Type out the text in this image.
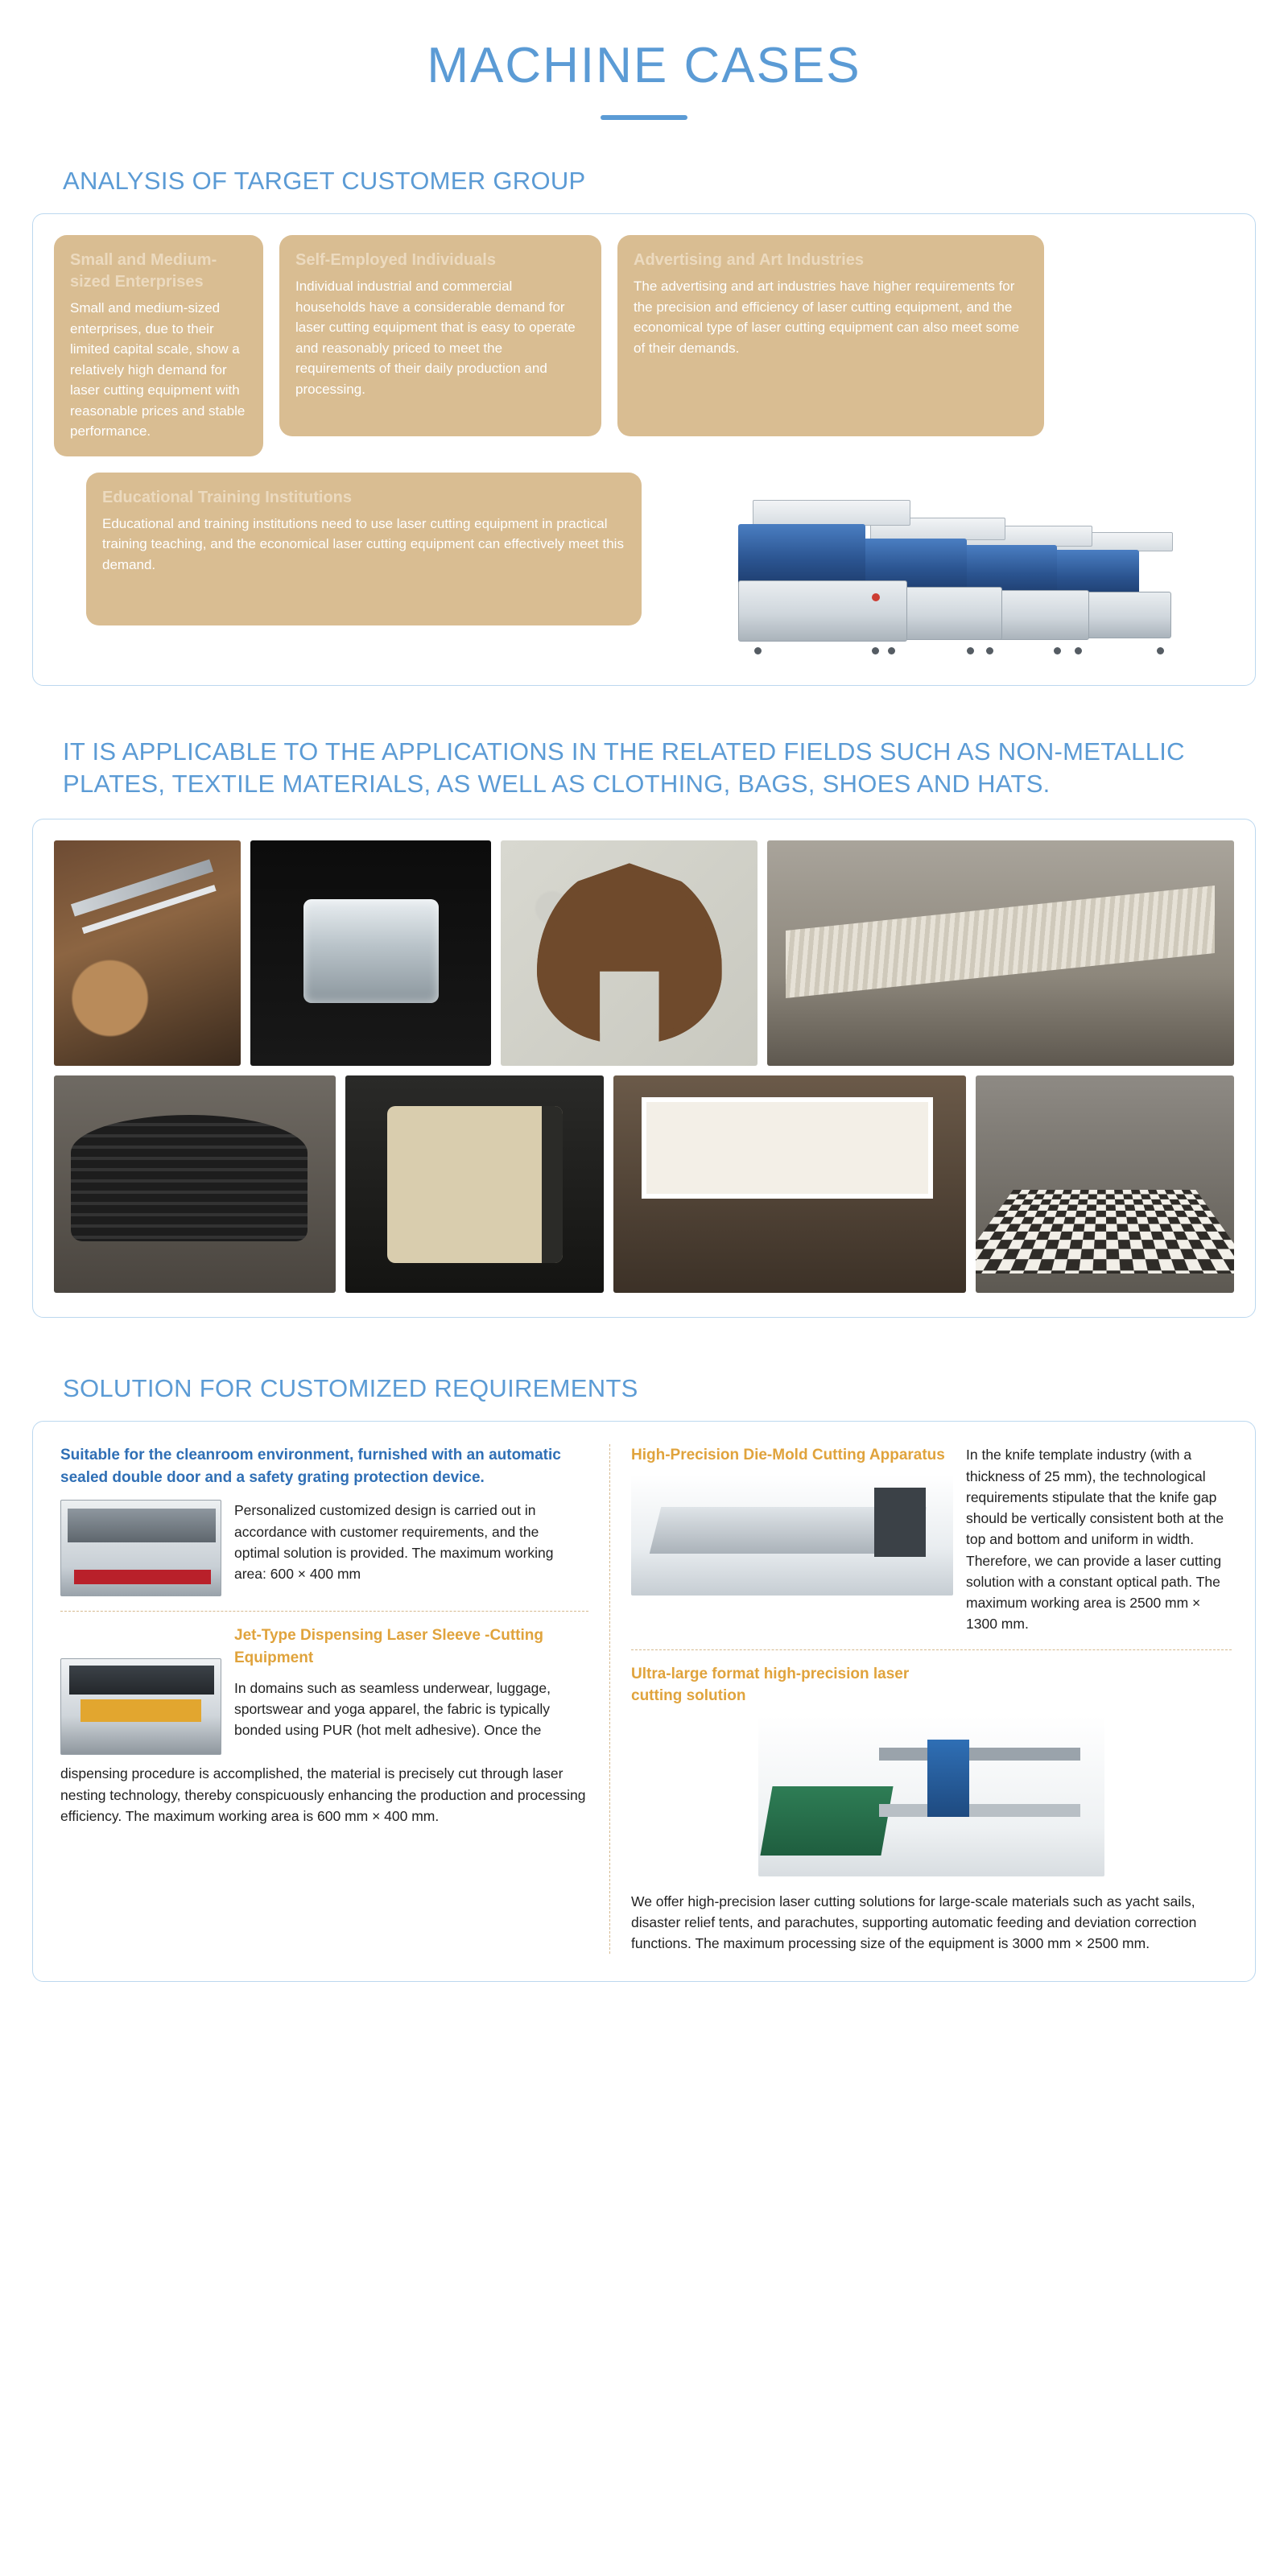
MACHINE CASES
ANALYSIS OF TARGET CUSTOMER GROUP

Small and Medium-sized Enterprises

Small and medium-sized enterprises, due to their limited capital scale, show a relatively high demand for laser cutting equipment with reasonable prices and stable performance.

Self-Employed Individuals

Individual industrial and commercial households have a considerable demand for laser cutting equipment that is easy to operate and reasonably priced to meet the requirements of their daily production and processing.

Advertising and Art Industries

The advertising and art industries have higher requirements for the precision and efficiency of laser cutting equipment, and the economical type of laser cutting equipment can also meet some of their demands.

Educational Training Institutions

Educational and training institutions need to use laser cutting equipment in practical training teaching, and the economical laser cutting equipment can effectively meet this demand.

IT IS APPLICABLE TO THE APPLICATIONS IN THE RELATED FIELDS SUCH AS NON-METALLIC PLATES, TEXTILE MATERIALS, AS WELL AS CLOTHING, BAGS, SHOES AND HATS.
SOLUTION FOR CUSTOMIZED REQUIREMENTS

Suitable for the cleanroom environment, furnished with an automatic sealed double door and a safety grating protection device.

Personalized customized design is carried out in accordance with customer requirements, and the optimal solution is provided. The maximum working area: 600 × 400 mm

Jet-Type Dispensing Laser Sleeve -Cutting Equipment

In domains such as seamless underwear, luggage, sportswear and yoga apparel, the fabric is typically bonded using PUR (hot melt adhesive). Once the

dispensing procedure is accomplished, the material is precisely cut through laser nesting technology, thereby conspicuously enhancing the production and processing efficiency. The maximum working area is 600 mm × 400 mm.

High-Precision Die-Mold Cutting Apparatus	In the knife template industry (with a thickness of 25 mm), the technological requirements stipulate that the knife gap should be vertically consistent both at the top and bottom and uniform in width. Therefore, we can provide a laser cutting solution with a constant optical path. The maximum working area is 2500 mm × 1300 mm.

Ultra-large format high-precision laser cutting solution

We offer high-precision laser cutting solutions for large-scale materials such as yacht sails, disaster relief tents, and parachutes, supporting automatic feeding and deviation correction functions. The maximum processing size of the equipment is 3000 mm × 2500 mm.
